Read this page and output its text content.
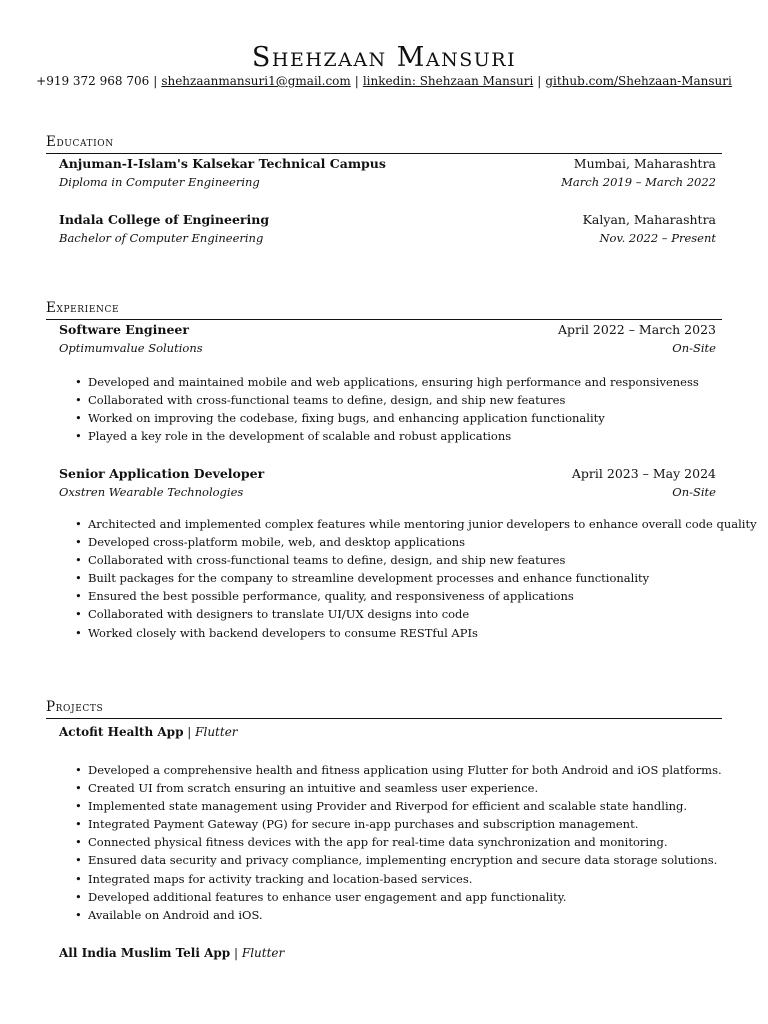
Shehzaan Mansuri
+919 372 968 706 | shehzaanmansuri1@gmail.com | linkedin: Shehzaan Mansuri | github.com/Shehzaan-Mansuri
Education
Anjuman-I-Islam's Kalsekar Technical Campus	Mumbai, Maharashtra
Diploma in Computer Engineering	March 2019 – March 2022
Indala College of Engineering	Kalyan, Maharashtra
Bachelor of Computer Engineering	Nov. 2022 – Present
Experience
Software Engineer	April 2022 – March 2023
Optimumvalue Solutions	On-Site
• Developed and maintained mobile and web applications, ensuring high performance and responsiveness
• Collaborated with cross-functional teams to define, design, and ship new features
• Worked on improving the codebase, fixing bugs, and enhancing application functionality
• Played a key role in the development of scalable and robust applications
Senior Application Developer	April 2023 – May 2024
Oxstren Wearable Technologies	On-Site
• Architected and implemented complex features while mentoring junior developers to enhance overall code quality
• Developed cross-platform mobile, web, and desktop applications
• Collaborated with cross-functional teams to define, design, and ship new features
• Built packages for the company to streamline development processes and enhance functionality
• Ensured the best possible performance, quality, and responsiveness of applications
• Collaborated with designers to translate UI/UX designs into code
• Worked closely with backend developers to consume RESTful APIs
Projects
Actofit Health App | Flutter
• Developed a comprehensive health and fitness application using Flutter for both Android and iOS platforms.
• Created UI from scratch ensuring an intuitive and seamless user experience.
• Implemented state management using Provider and Riverpod for efficient and scalable state handling.
• Integrated Payment Gateway (PG) for secure in-app purchases and subscription management.
• Connected physical fitness devices with the app for real-time data synchronization and monitoring.
• Ensured data security and privacy compliance, implementing encryption and secure data storage solutions.
• Integrated maps for activity tracking and location-based services.
• Developed additional features to enhance user engagement and app functionality.
• Available on Android and iOS.
All India Muslim Teli App | Flutter
